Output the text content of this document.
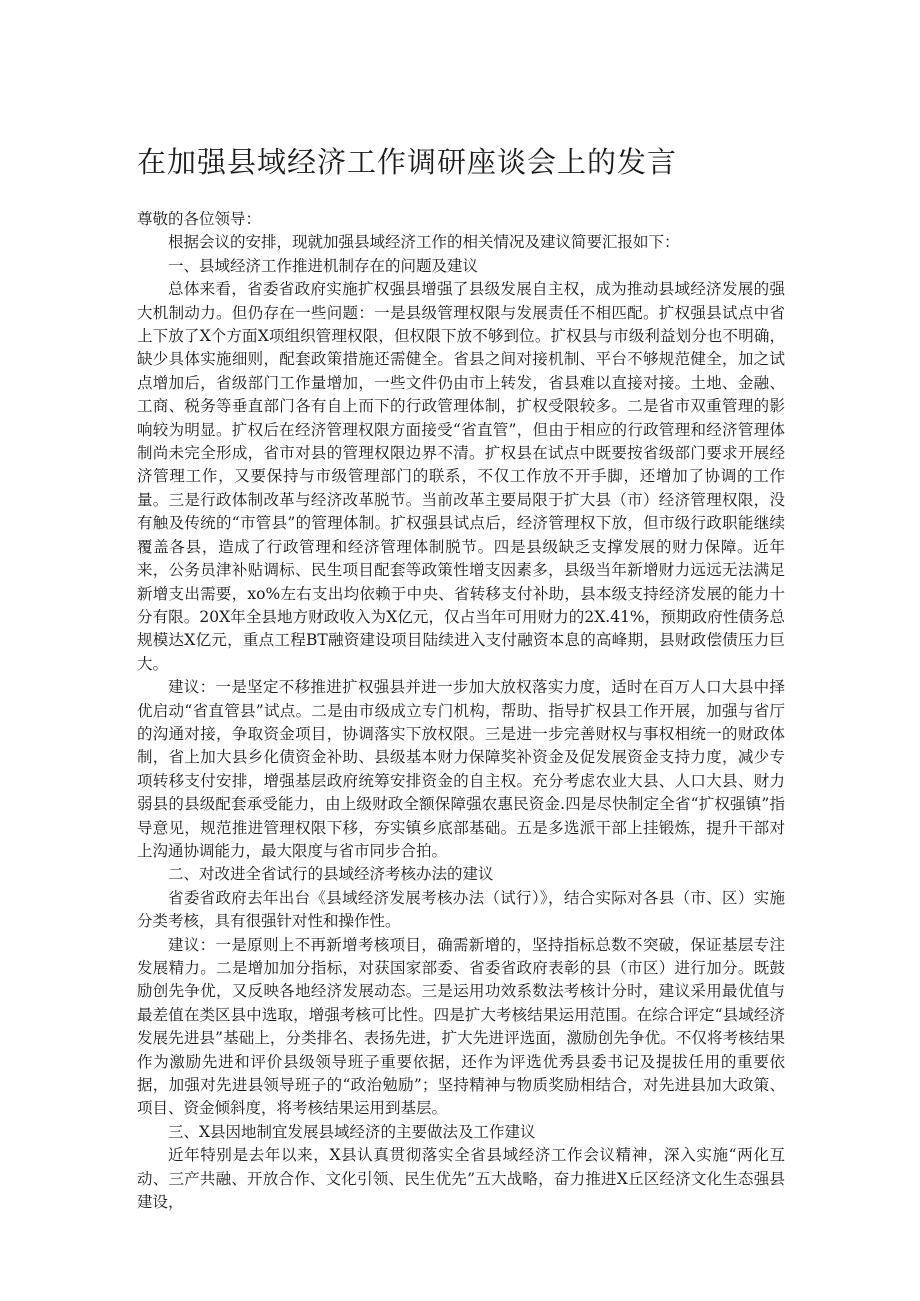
在加强县域经济工作调研座谈会上的发言

尊敬的各位领导：

根据会议的安排，现就加强县域经济工作的相关情况及建议简要汇报如下：

一、县域经济工作推进机制存在的问题及建议

总体来看，省委省政府实施扩权强县增强了县级发展自主权，成为推动县域经济发展的强大机制动力。但仍存在一些问题：一是县级管理权限与发展责任不相匹配。扩权强县试点中省上下放了X个方面X项组织管理权限，但权限下放不够到位。扩权县与市级利益划分也不明确，缺少具体实施细则，配套政策措施还需健全。省县之间对接机制、平台不够规范健全，加之试点增加后，省级部门工作量增加，一些文件仍由市上转发，省县难以直接对接。土地、金融、工商、税务等垂直部门各有自上而下的行政管理体制，扩权受限较多。二是省市双重管理的影响较为明显。扩权后在经济管理权限方面接受“省直管”，但由于相应的行政管理和经济管理体制尚未完全形成，省市对县的管理权限边界不清。扩权县在试点中既要按省级部门要求开展经济管理工作，又要保持与市级管理部门的联系，不仅工作放不开手脚，还增加了协调的工作量。三是行政体制改革与经济改革脱节。当前改革主要局限于扩大县（市）经济管理权限，没有触及传统的“市管县”的管理体制。扩权强县试点后，经济管理权下放，但市级行政职能继续覆盖各县，造成了行政管理和经济管理体制脱节。四是县级缺乏支撑发展的财力保障。近年来，公务员津补贴调标、民生项目配套等政策性增支因素多，县级当年新增财力远远无法满足新增支出需要，xo%左右支出均依赖于中央、省转移支付补助，县本级支持经济发展的能力十分有限。20X年全县地方财政收入为X亿元，仅占当年可用财力的2X.41%，预期政府性债务总规模达X亿元，重点工程BT融资建设项目陆续进入支付融资本息的高峰期，县财政偿债压力巨大。

建议：一是坚定不移推进扩权强县并进一步加大放权落实力度，适时在百万人口大县中择优启动“省直管县”试点。二是由市级成立专门机构，帮助、指导扩权县工作开展，加强与省厅的沟通对接，争取资金项目，协调落实下放权限。三是进一步完善财权与事权相统一的财政体制，省上加大县乡化债资金补助、县级基本财力保障奖补资金及促发展资金支持力度，减少专项转移支付安排，增强基层政府统筹安排资金的自主权。充分考虑农业大县、人口大县、财力弱县的县级配套承受能力，由上级财政全额保障强农惠民资金.四是尽快制定全省“扩权强镇”指导意见，规范推进管理权限下移，夯实镇乡底部基础。五是多选派干部上挂锻炼，提升干部对上沟通协调能力，最大限度与省市同步合拍。

二、对改进全省试行的县域经济考核办法的建议

省委省政府去年出台《县域经济发展考核办法（试行）》，结合实际对各县（市、区）实施分类考核，具有很强针对性和操作性。

建议：一是原则上不再新增考核项目，确需新增的，坚持指标总数不突破，保证基层专注发展精力。二是增加加分指标，对获国家部委、省委省政府表彰的县（市区）进行加分。既鼓励创先争优，又反映各地经济发展动态。三是运用功效系数法考核计分时，建议采用最优值与最差值在类区县中选取，增强考核可比性。四是扩大考核结果运用范围。在综合评定“县域经济发展先进县”基础上，分类排名、表扬先进，扩大先进评选面，激励创先争优。不仅将考核结果作为激励先进和评价县级领导班子重要依据，还作为评选优秀县委书记及提拔任用的重要依据，加强对先进县领导班子的“政治勉励”；坚持精神与物质奖励相结合，对先进县加大政策、项目、资金倾斜度，将考核结果运用到基层。

三、X县因地制宜发展县域经济的主要做法及工作建议

近年特别是去年以来，X县认真贯彻落实全省县域经济工作会议精神，深入实施“两化互动、三产共融、开放合作、文化引领、民生优先”五大战略，奋力推进X丘区经济文化生态强县建设，
